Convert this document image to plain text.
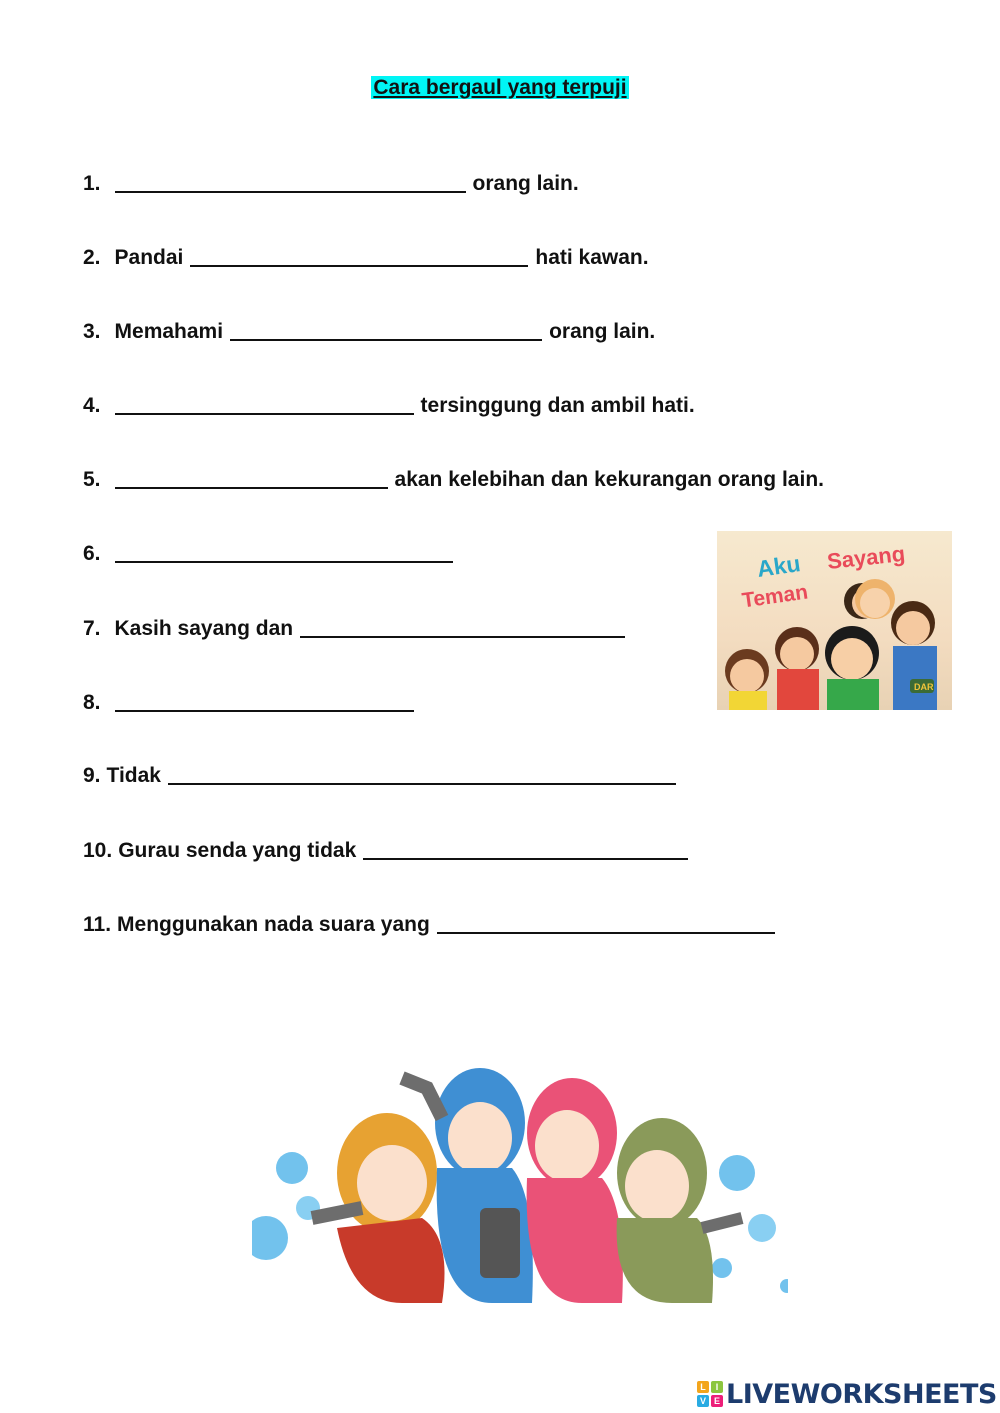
Cara bergaul yang terpuji
1.	orang lain.
2. Pandai	hati kawan.
3. Memahami	orang lain.
4.	tersinggung dan ambil hati.
5.	akan kelebihan dan kekurangan orang lain.
6.
7. Kasih sayang dan
8.
9. Tidak
10. Gurau senda yang tidak
11. Menggunakan nada suara yang
Aku Sayang
Teman
DAR
L	I
V E LIVEWORKSHEETS
